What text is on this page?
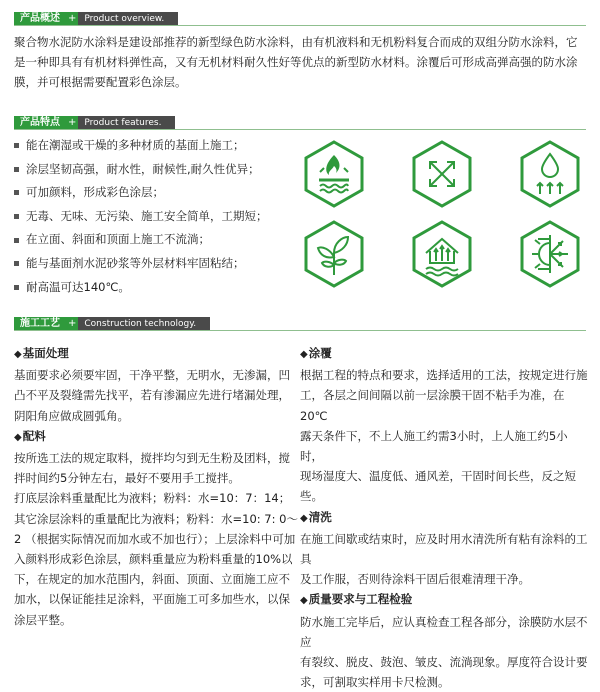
产品概述 + Product overview.
聚合物水泥防水涂料是建设部推荐的新型绿色防水涂料，由有机液料和无机粉料复合而成的双组分防水涂料，它是一种即具有有机材料弹性高，又有无机材料耐久性好等优点的新型防水材料。涂覆后可形成高弹高强的防水涂膜，并可根据需要配置彩色涂层。
产品特点 + Product features.
能在潮湿或干燥的多种材质的基面上施工；
涂层坚韧高强，耐水性，耐候性,耐久性优异；
可加颜料，形成彩色涂层；
无毒、无味、无污染、施工安全简单，工期短；
在立面、斜面和顶面上施工不流淌；
能与基面剂水泥砂浆等外层材料牢固粘结；
耐高温可达140℃。
施工工艺 + Construction technology.

◆ 基面处理

基面要求必须要牢固，干净平整，无明水，无渗漏，凹

凸不平及裂缝需先找平，若有渗漏应先进行堵漏处理，

阴阳角应做成圆弧角。

◆ 配料

按所选工法的规定取料，搅拌均匀到无生粉及团料，搅

拌时间约5分钟左右，最好不要用手工搅拌。

打底层涂料重量配比为液料；粉料：水=10：7：14；

其它涂层涂料的重量配比为液料；粉料：水=10: 7: 0～

2 （根据实际情况而加水或不加也行）；上层涂料中可加

入颜料形成彩色涂层，颜料重量应为粉料重量的10%以

下，在规定的加水范围内，斜面、顶面、立面施工应不

加水，以保证能挂足涂料，平面施工可多加些水，以保

涂层平整。

◆ 涂覆

根据工程的特点和要求，选择适用的工法，按规定进行施

工，各层之间间隔以前一层涂膜干固不粘手为准，在20℃

露天条件下，不上人施工约需3小时，上人施工约5小时，

现场湿度大、温度低、通风差，干固时间长些，反之短些。

◆ 清洗

在施工间歇或结束时，应及时用水清洗所有粘有涂料的工具

及工作服，否则待涂料干固后很难清理干净。

◆ 质量要求与工程检验

防水施工完毕后，应认真检查工程各部分，涂膜防水层不应

有裂纹、脱皮、鼓泡、皱皮、流淌现象。厚度符合设计要

求，可割取实样用卡尺检测。
